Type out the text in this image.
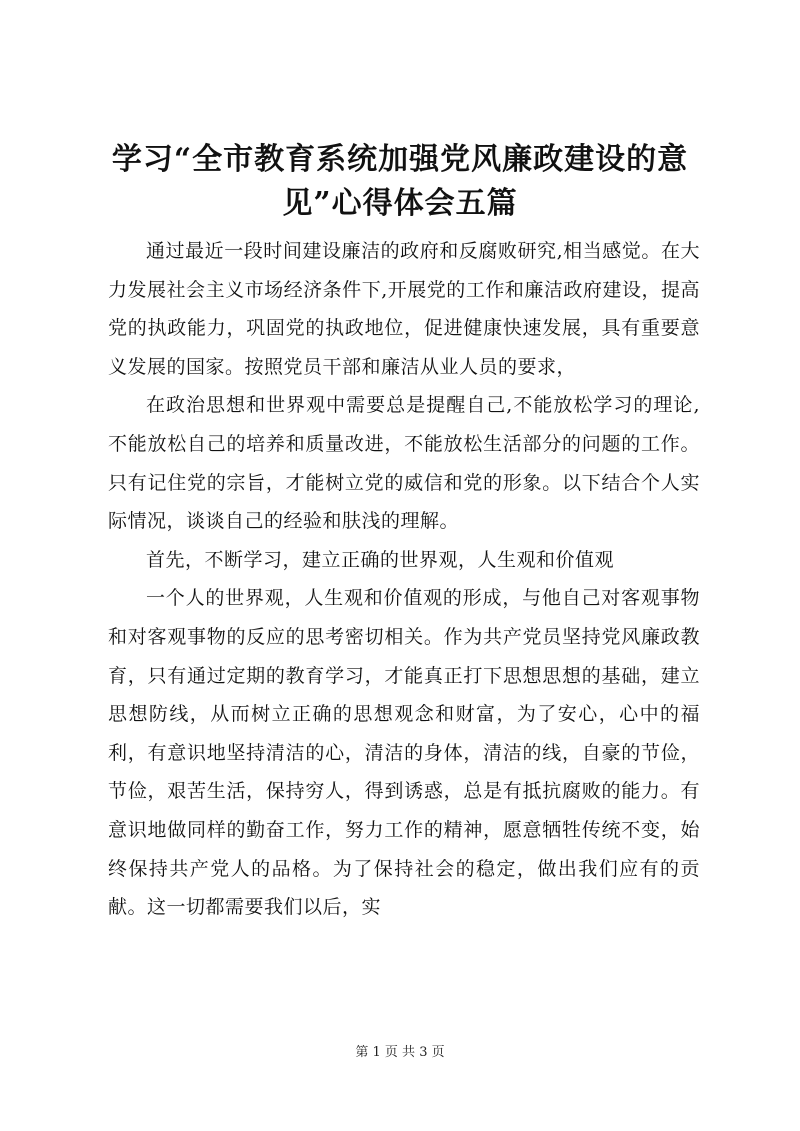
学习“全市教育系统加强党风廉政建设的意
见”心得体会五篇

通过最近一段时间建设廉洁的政府和反腐败研究,相当感觉。在大力发展社会主义市场经济条件下,开展党的工作和廉洁政府建设，提高党的执政能力，巩固党的执政地位，促进健康快速发展，具有重要意义发展的国家。按照党员干部和廉洁从业人员的要求，

在政治思想和世界观中需要总是提醒自己,不能放松学习的理论,不能放松自己的培养和质量改进，不能放松生活部分的问题的工作。只有记住党的宗旨，才能树立党的威信和党的形象。以下结合个人实际情况，谈谈自己的经验和肤浅的理解。

首先，不断学习，建立正确的世界观，人生观和价值观

一个人的世界观，人生观和价值观的形成，与他自己对客观事物和对客观事物的反应的思考密切相关。作为共产党员坚持党风廉政教育，只有通过定期的教育学习，才能真正打下思想思想的基础，建立思想防线，从而树立正确的思想观念和财富，为了安心，心中的福利，有意识地坚持清洁的心，清洁的身体，清洁的线，自豪的节俭，节俭，艰苦生活，保持穷人，得到诱惑，总是有抵抗腐败的能力。有意识地做同样的勤奋工作，努力工作的精神，愿意牺牲传统不变，始终保持共产党人的品格。为了保持社会的稳定，做出我们应有的贡献。这一切都需要我们以后，实

第 1 页 共 3 页
